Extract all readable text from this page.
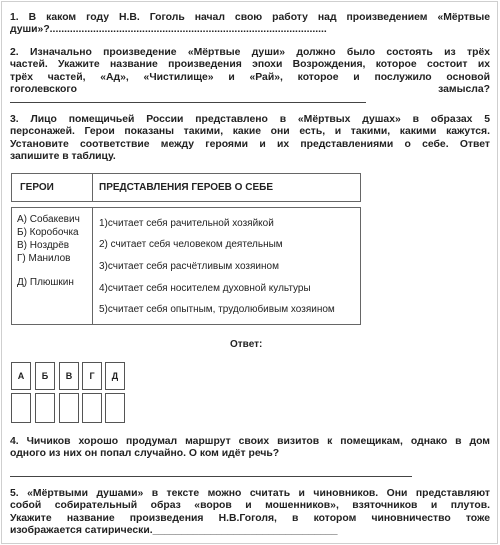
1. В каком году Н.В. Гоголь начал свою работу над произведением «Мёртвые
души»?................................................................................................
2. Изначально произведение «Мёртвые души» должно было состоять из трёх
частей. Укажите название произведения эпохи Возрождения, которое состоит их
трёх частей, «Ад», «Чистилище» и «Рай», которое и послужило основой
гоголевского	замысла?
3. Лицо помещичьей России представлено в «Мёртвых душах» в образах 5
персонажей. Герои показаны такими, какие они есть, и такими, какими кажутся.
Установите соответствие между героями и их представлениями о себе. Ответ
запишите в таблицу.
ГЕРОИ	ПРЕДСТАВЛЕНИЯ ГЕРОЕВ О СЕБЕ
А) Собакевич
Б) Коробочка
В) Ноздрёв
Г) Манилов
Д) Плюшкин
1)считает себя рачительной хозяйкой
2) считает себя человеком деятельным
3)считает себя расчётливым хозяином
4)считает себя носителем духовной культуры
5)считает себя опытным, трудолюбивым хозяином
Ответ:
А	Б	В	Г	Д
4. Чичиков хорошо продумал маршрут своих визитов к помещикам, однако в дом
одного из них он попал случайно. О ком идёт речь?
5. «Мёртвыми душами» в тексте можно считать и чиновников. Они представляют
собой собирательный образ «воров и мошенников», взяточников и плутов.
Укажите название произведения Н.В.Гоголя, в котором чиновничество тоже
изображается сатирически.________________________________
